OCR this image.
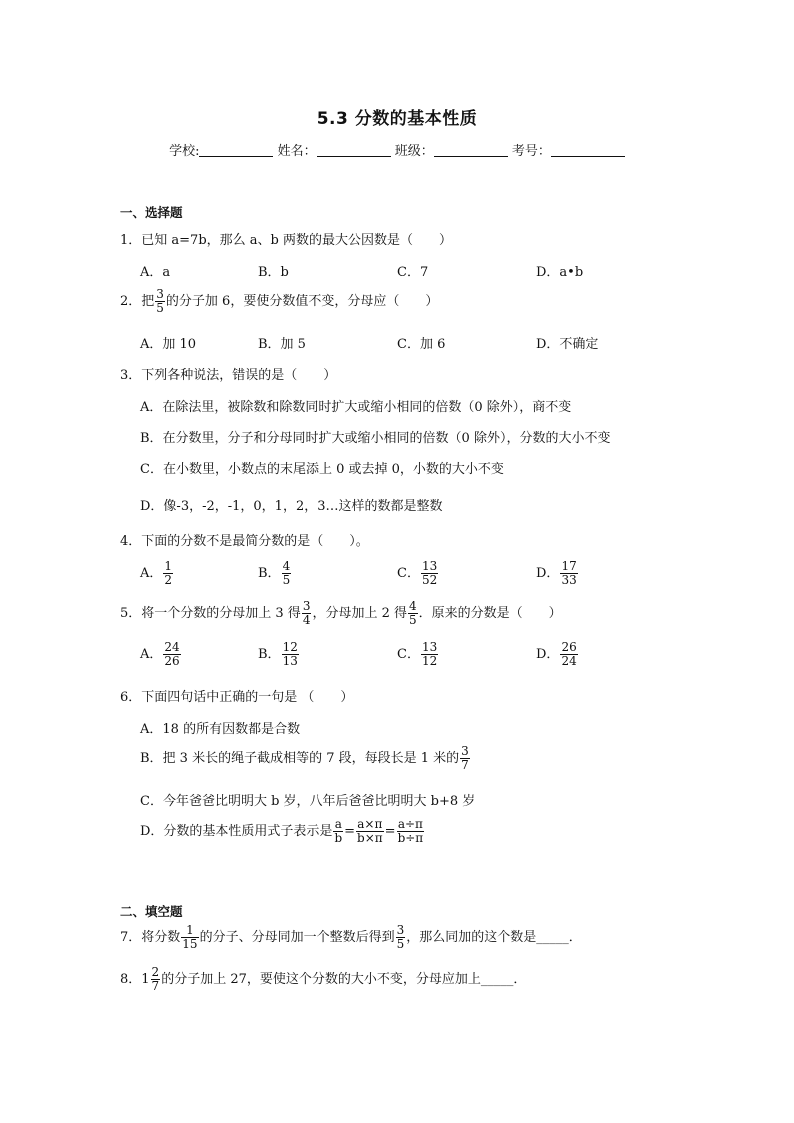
5.3 分数的基本性质
学校:	姓名：	班级：	考号：
一、选择题
1．已知 a=7b，那么 a、b 两数的最大公因数是（　　）
A．a	B．b	C．7	D．a•b
2．把 $\frac{3}{5}$ 的分子加 6，要使分数值不变，分母应（　　）
A．加 10	B．加 5	C．加 6	D．不确定
3．下列各种说法，错误的是（　　）
A．在除法里，被除数和除数同时扩大或缩小相同的倍数（0 除外），商不变
B．在分数里，分子和分母同时扩大或缩小相同的倍数（0 除外），分数的大小不变
C．在小数里，小数点的末尾添上 0 或去掉 0，小数的大小不变
D．像-3，-2，-1，0，1，2，3…这样的数都是整数
4．下面的分数不是最简分数的是（　　）。
A． $\frac{1}{2}$	B． $\frac{4}{5}$	C． $\frac{13}{52}$	D． $\frac{17}{33}$
5．将一个分数的分母加上 3 得 $\frac{3}{4}$ ，分母加上 2 得 $\frac{4}{5}$ ．原来的分数是（　　）
A． $\frac{24}{26}$	B． $\frac{12}{13}$	C． $\frac{13}{12}$	D． $\frac{26}{24}$
6．下面四句话中正确的一句是 （　　）
A．18 的所有因数都是合数
B．把 3 米长的绳子截成相等的 7 段，每段长是 1 米的 $\frac{3}{7}$
C．今年爸爸比明明大 b 岁，八年后爸爸比明明大 b+8 岁
D．分数的基本性质用式子表示是 $\frac{a}{b} = \frac{a\times\pi}{b\times\pi} = \frac{a\div\pi}{b\div\pi}$
二、填空题
7．将分数 $\frac{1}{15}$ 的分子、分母同加一个整数后得到 $\frac{3}{5}$ ，那么同加的这个数是_____．
8．$1 \frac{2}{7}$ 的分子加上 27，要使这个分数的大小不变，分母应加上_____．
